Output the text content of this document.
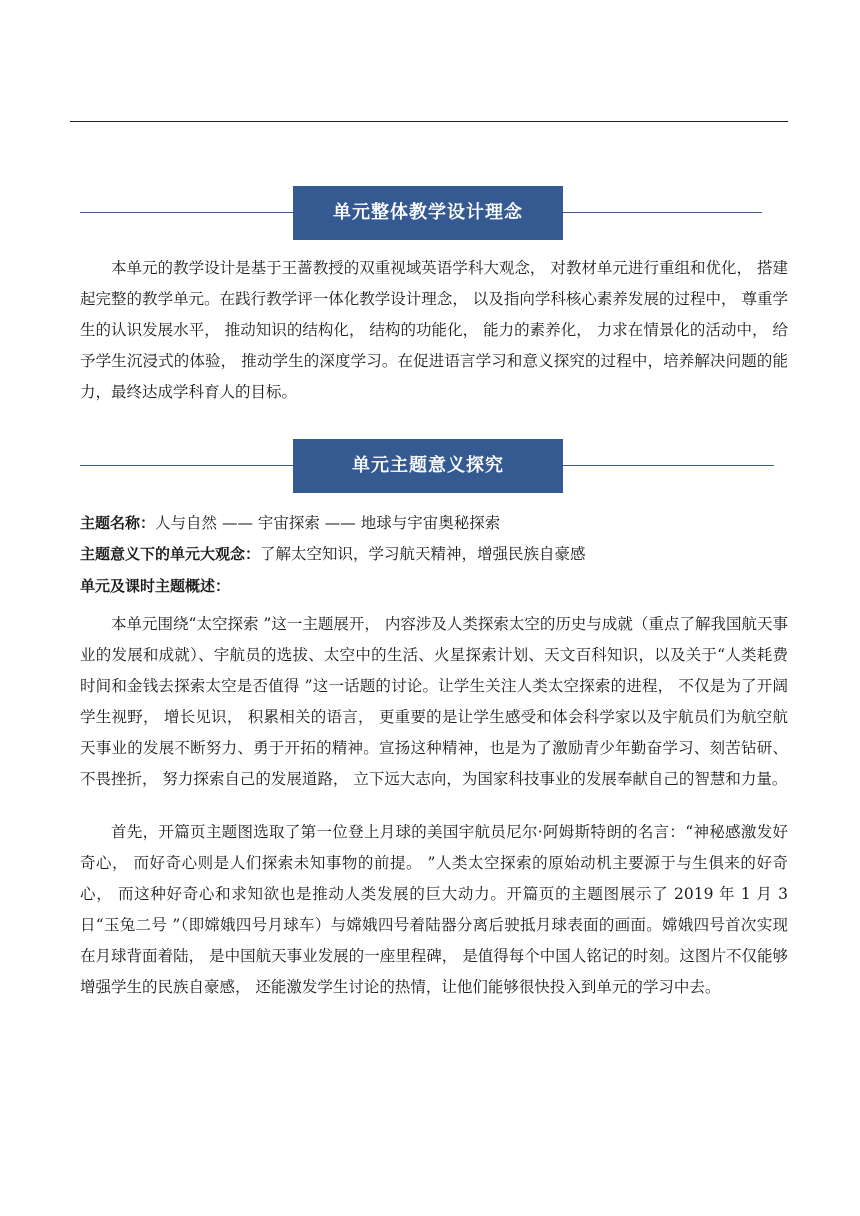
单元整体教学设计理念

本单元的教学设计是基于王蔷教授的双重视域英语学科大观念， 对教材单元进行重组和优化， 搭建起完整的教学单元。在践行教学评一体化教学设计理念， 以及指向学科核心素养发展的过程中， 尊重学生的认识发展水平， 推动知识的结构化， 结构的功能化， 能力的素养化， 力求在情景化的活动中， 给予学生沉浸式的体验， 推动学生的深度学习。在促进语言学习和意义探究的过程中，培养解决问题的能力，最终达成学科育人的目标。

单元主题意义探究

主题名称：人与自然 —— 宇宙探索 —— 地球与宇宙奥秘探索

主题意义下的单元大观念：了解太空知识，学习航天精神，增强民族自豪感

单元及课时主题概述：

本单元围绕“太空探索 ”这一主题展开， 内容涉及人类探索太空的历史与成就（重点了解我国航天事业的发展和成就）、宇航员的选拔、太空中的生活、火星探索计划、天文百科知识，以及关于“人类耗费时间和金钱去探索太空是否值得 ”这一话题的讨论。让学生关注人类太空探索的进程， 不仅是为了开阔学生视野， 增长见识， 积累相关的语言， 更重要的是让学生感受和体会科学家以及宇航员们为航空航天事业的发展不断努力、勇于开拓的精神。宣扬这种精神，也是为了激励青少年勤奋学习、刻苦钻研、不畏挫折， 努力探索自己的发展道路， 立下远大志向，为国家科技事业的发展奉献自己的智慧和力量。

首先，开篇页主题图选取了第一位登上月球的美国宇航员尼尔·阿姆斯特朗的名言：“神秘感激发好奇心， 而好奇心则是人们探索未知事物的前提。 ”人类太空探索的原始动机主要源于与生俱来的好奇心， 而这种好奇心和求知欲也是推动人类发展的巨大动力。开篇页的主题图展示了 2019 年 1 月 3 日“玉兔二号 ”（即嫦娥四号月球车）与嫦娥四号着陆器分离后驶抵月球表面的画面。嫦娥四号首次实现在月球背面着陆， 是中国航天事业发展的一座里程碑， 是值得每个中国人铭记的时刻。这图片不仅能够增强学生的民族自豪感， 还能激发学生讨论的热情，让他们能够很快投入到单元的学习中去。
